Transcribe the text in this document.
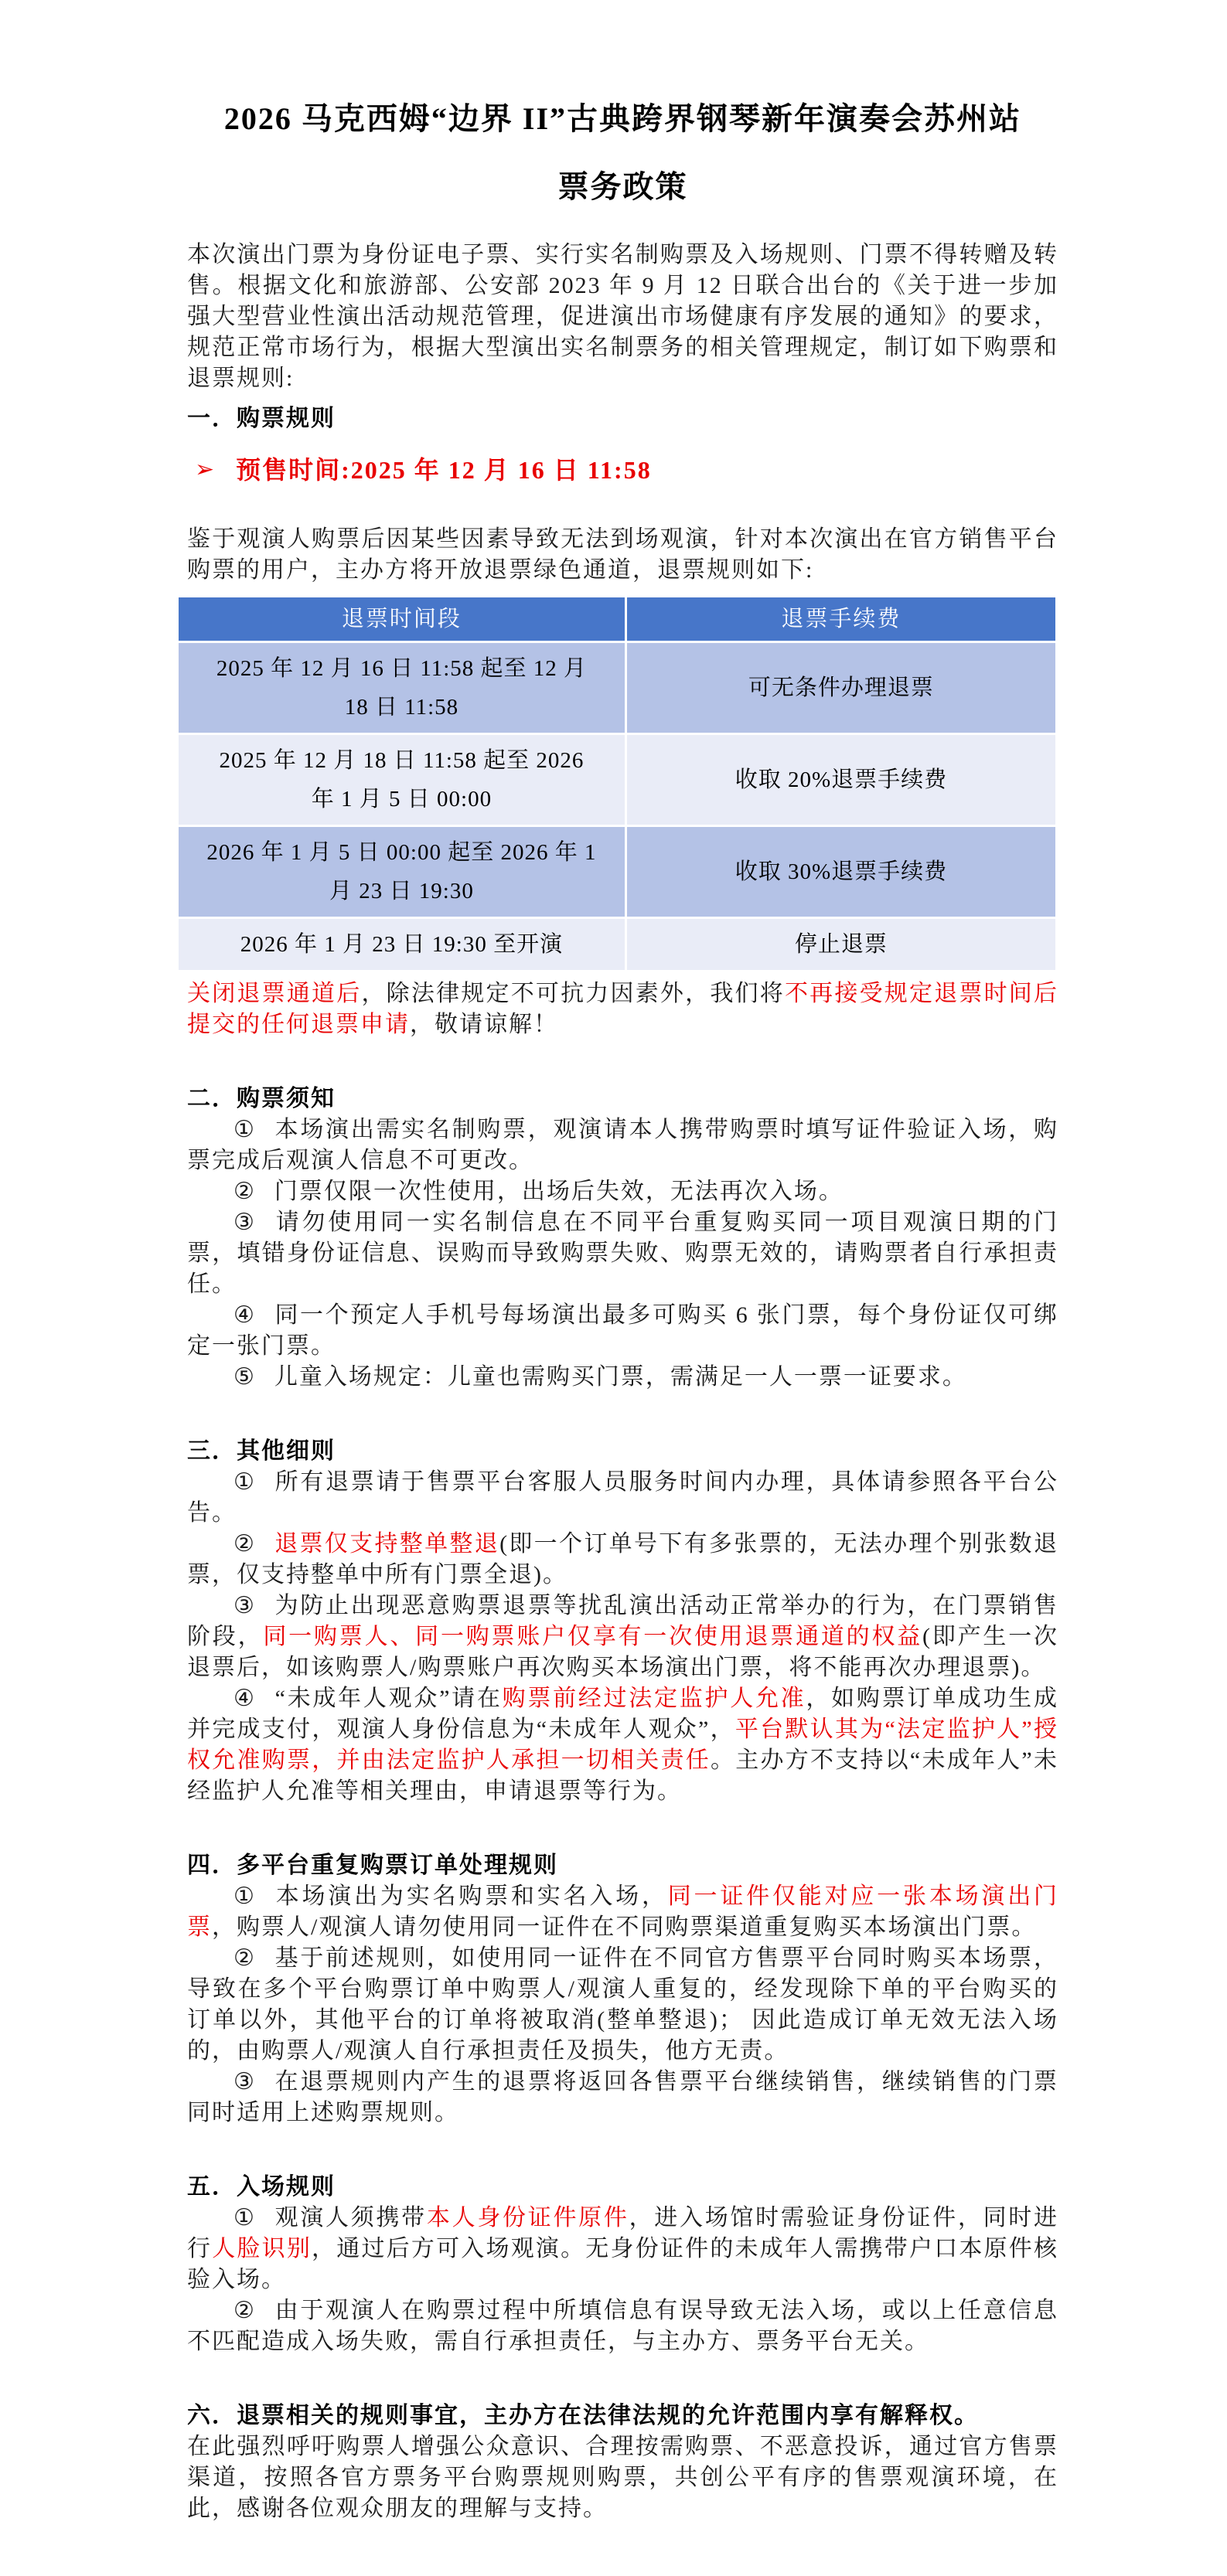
2026 马克西姆“边界 II”古典跨界钢琴新年演奏会苏州站
票务政策

本次演出门票为身份证电子票、实行实名制购票及入场规则、门票不得转赠及转售。根据文化和旅游部、公安部 2023 年 9 月 12 日联合出台的《关于进一步加强大型营业性演出活动规范管理，促进演出市场健康有序发展的通知》的要求，规范正常市场行为，根据大型演出实名制票务的相关管理规定，制订如下购票和退票规则:

一．购票规则
➢ 预售时间:2025 年 12 月 16 日 11:58

鉴于观演人购票后因某些因素导致无法到场观演，针对本次演出在官方销售平台购票的用户，主办方将开放退票绿色通道，退票规则如下:

退票时间段	退票手续费
2025 年 12 月 16 日 11:58 起至 12 月 18 日 11:58	可无条件办理退票
2025 年 12 月 18 日 11:58 起至 2026 年 1 月 5 日 00:00	收取 20%退票手续费
2026 年 1 月 5 日 00:00 起至 2026 年 1 月 23 日 19:30	收取 30%退票手续费
2026 年 1 月 23 日 19:30 至开演	停止退票

关闭退票通道后，除法律规定不可抗力因素外，我们将不再接受规定退票时间后提交的任何退票申请，敬请谅解！

二．购票须知

① 本场演出需实名制购票，观演请本人携带购票时填写证件验证入场，购票完成后观演人信息不可更改。

② 门票仅限一次性使用，出场后失效，无法再次入场。

③ 请勿使用同一实名制信息在不同平台重复购买同一项目观演日期的门票，填错身份证信息、误购而导致购票失败、购票无效的，请购票者自行承担责任。

④ 同一个预定人手机号每场演出最多可购买 6 张门票，每个身份证仅可绑定一张门票。

⑤ 儿童入场规定：儿童也需购买门票，需满足一人一票一证要求。

三．其他细则

① 所有退票请于售票平台客服人员服务时间内办理，具体请参照各平台公告。

② 退票仅支持整单整退(即一个订单号下有多张票的，无法办理个别张数退票，仅支持整单中所有门票全退)。

③ 为防止出现恶意购票退票等扰乱演出活动正常举办的行为，在门票销售阶段，同一购票人、同一购票账户仅享有一次使用退票通道的权益(即产生一次退票后，如该购票人/购票账户再次购买本场演出门票，将不能再次办理退票)。

④ “未成年人观众”请在购票前经过法定监护人允准，如购票订单成功生成并完成支付，观演人身份信息为“未成年人观众”，平台默认其为“法定监护人”授权允准购票，并由法定监护人承担一切相关责任。主办方不支持以“未成年人”未经监护人允准等相关理由，申请退票等行为。

四．多平台重复购票订单处理规则

① 本场演出为实名购票和实名入场，同一证件仅能对应一张本场演出门票，购票人/观演人请勿使用同一证件在不同购票渠道重复购买本场演出门票。

② 基于前述规则，如使用同一证件在不同官方售票平台同时购买本场票，导致在多个平台购票订单中购票人/观演人重复的，经发现除下单的平台购买的订单以外，其他平台的订单将被取消(整单整退)； 因此造成订单无效无法入场的，由购票人/观演人自行承担责任及损失，他方无责。

③ 在退票规则内产生的退票将返回各售票平台继续销售，继续销售的门票同时适用上述购票规则。

五．入场规则

① 观演人须携带本人身份证件原件，进入场馆时需验证身份证件，同时进行人脸识别，通过后方可入场观演。无身份证件的未成年人需携带户口本原件核验入场。

② 由于观演人在购票过程中所填信息有误导致无法入场，或以上任意信息不匹配造成入场失败，需自行承担责任，与主办方、票务平台无关。

六．退票相关的规则事宜，主办方在法律法规的允许范围内享有解释权。

在此强烈呼吁购票人增强公众意识、合理按需购票、不恶意投诉，通过官方售票渠道，按照各官方票务平台购票规则购票，共创公平有序的售票观演环境，在此，感谢各位观众朋友的理解与支持。
